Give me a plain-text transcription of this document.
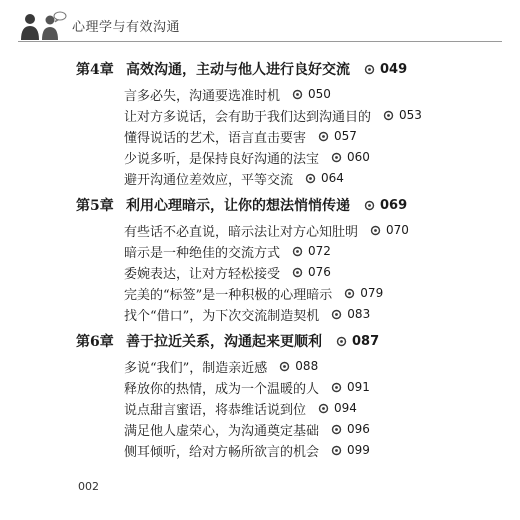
心理学与有效沟通
第4章 高效沟通，主动与他人进行良好交流 049
言多必失，沟通要选准时机 050
让对方多说话，会有助于我们达到沟通目的 053
懂得说话的艺术，语言直击要害 057
少说多听，是保持良好沟通的法宝 060
避开沟通位差效应，平等交流 064
第5章 利用心理暗示，让你的想法悄悄传递 069
有些话不必直说，暗示法让对方心知肚明 070
暗示是一种绝佳的交流方式 072
委婉表达，让对方轻松接受 076
完美的“标签”是一种积极的心理暗示 079
找个“借口”，为下次交流制造契机 083
第6章 善于拉近关系，沟通起来更顺利 087
多说“我们”，制造亲近感 088
释放你的热情，成为一个温暖的人 091
说点甜言蜜语，将恭维话说到位 094
满足他人虚荣心，为沟通奠定基础 096
侧耳倾听，给对方畅所欲言的机会 099
002
